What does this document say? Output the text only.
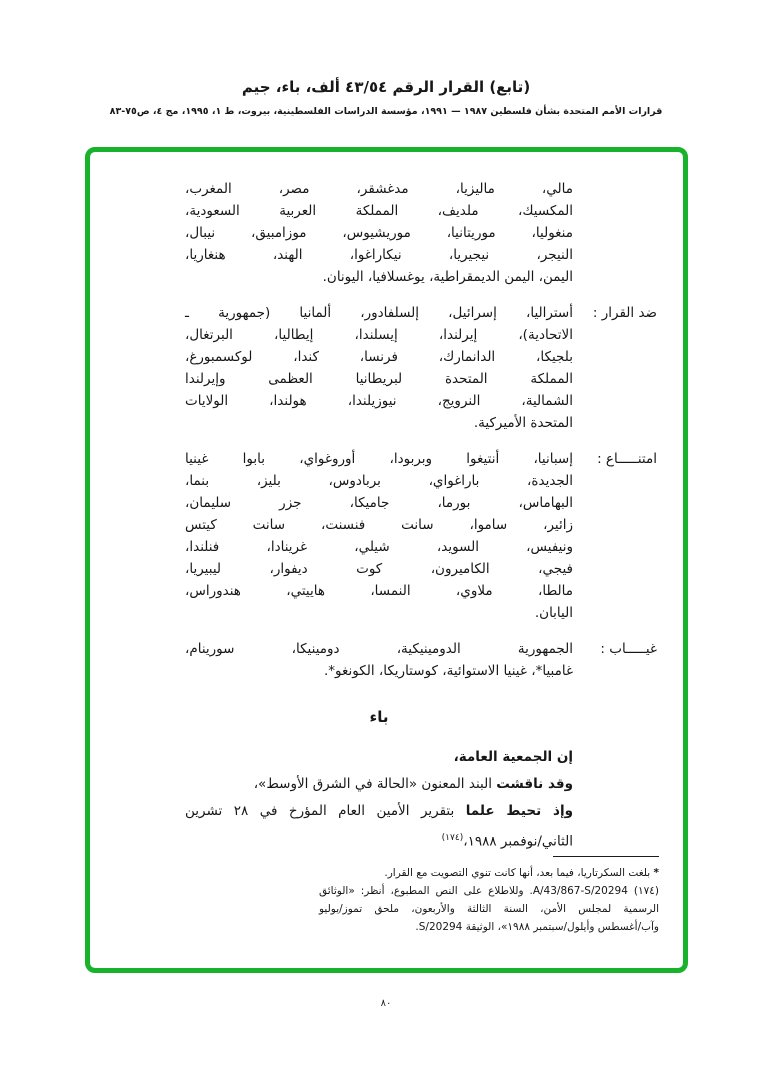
(تابع) القرار الرقم ٤٣/٥٤ ألف، باء، جيم
قرارات الأمم المتحدة بشأن فلسطين ١٩٨٧ — ١٩٩١، مؤسسة الدراسات الفلسطينية، بيروت، ط ١، ١٩٩٥، مج ٤، ص٧٥-٨٣
مالي، ماليزيا، مدغشقر، مصر، المغرب،
المكسيك، ملديف، المملكة العربية السعودية،
منغوليا، موريتانيا، موريشيوس، موزامبيق، نيبال،
النيجر، نيجيريا، نيكاراغوا، الهند، هنغاريا،
اليمن، اليمن الديمقراطية، يوغسلافيا، اليونان.
ضد القرار :
أستراليا، إسرائيل، إلسلفادور، ألمانيا (جمهورية ـ
الاتحادية)، إيرلندا، إيسلندا، إيطاليا، البرتغال،
بلجيكا، الدانمارك، فرنسا، كندا، لوكسمبورغ،
المملكة المتحدة لبريطانيا العظمى وإيرلندا
الشمالية، النرويج، نيوزيلندا، هولندا، الولايات
المتحدة الأميركية.
امتنـــــاع :
إسبانيا، أنتيغوا وبربودا، أوروغواي، بابوا غينيا
الجديدة، باراغواي، بربادوس، بليز، بنما،
البهاماس، بورما، جاميكا، جزر سليمان،
زائير، ساموا، سانت فنسنت، سانت كيتس
ونيفيس، السويد، شيلي، غرينادا، فنلندا،
فيجي، الكاميرون، كوت ديفوار، ليبيريا،
مالطا، ملاوي، النمسا، هاييتي، هندوراس،
اليابان.
غيـــــاب :
الجمهورية الدومينيكية، دومينيكا، سورينام،
غامبيا*، غينيا الاستوائية، كوستاريكا، الكونغو*.
باء
إن الجمعية العامة،
وقد ناقشت البند المعنون «الحالة في الشرق الأوسط»،
وإذ تحيط علما بتقرير الأمين العام المؤرخ في ٢٨ تشرين
الثاني/نوفمبر ١٩٨٨،$^{(١٧٤)}$
* بلغت السكرتاريا، فيما بعد، أنها كانت تنوي التصويت مع القرار.
(١٧٤) A/43/867-S/20294. وللاطلاع على النص المطبوع، أنظر: «الوثائق
الرسمية لمجلس الأمن، السنة الثالثة والأربعون، ملحق تموز/يوليو
وآب/أغسطس وأيلول/سبتمبر ١٩٨٨»، الوثيقة S/20294.
٨٠
